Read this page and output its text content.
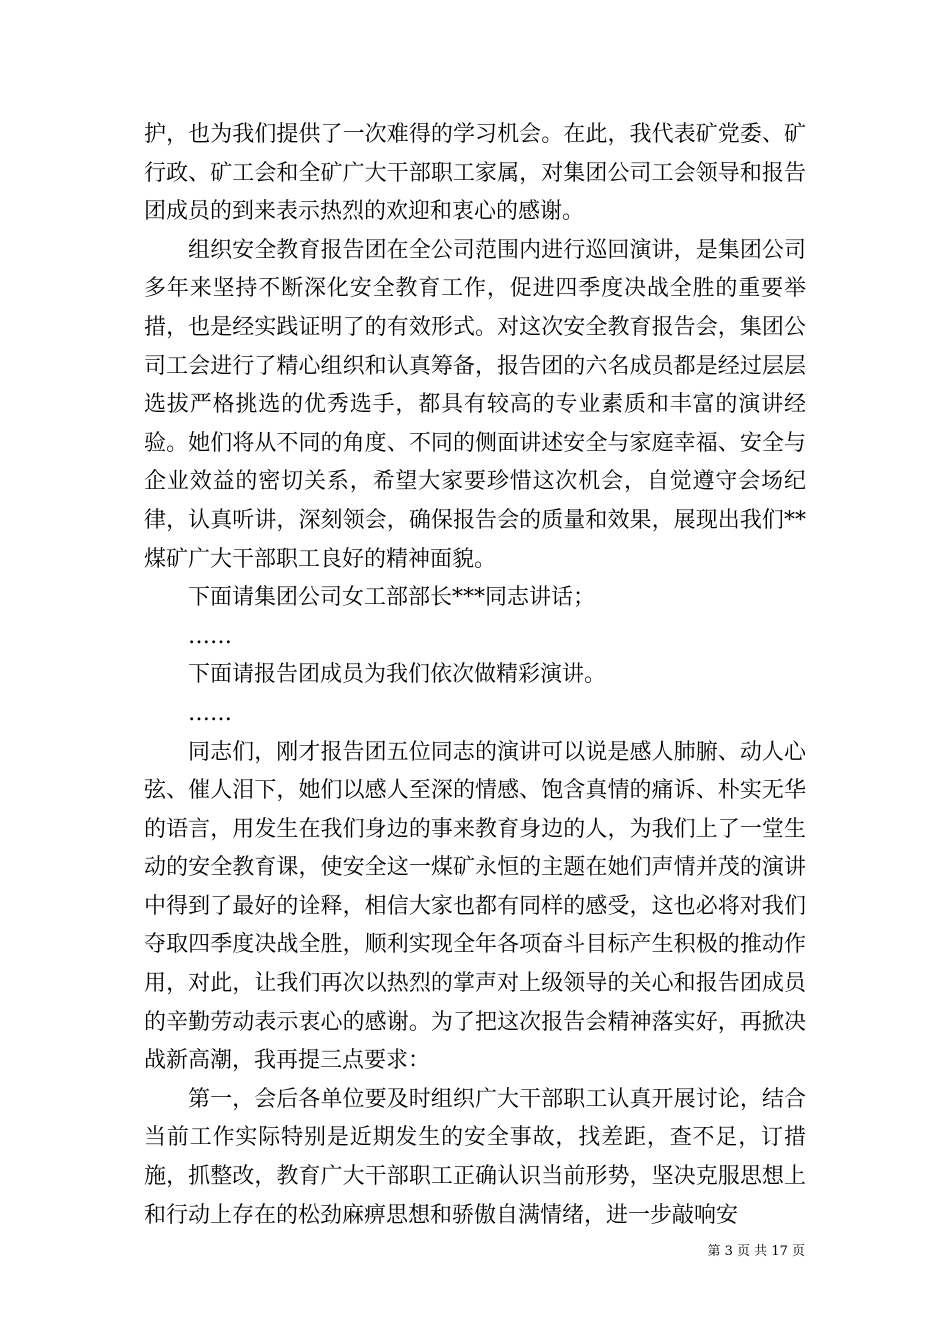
护，也为我们提供了一次难得的学习机会。在此，我代表矿党委、矿行政、矿工会和全矿广大干部职工家属，对集团公司工会领导和报告团成员的到来表示热烈的欢迎和衷心的感谢。

组织安全教育报告团在全公司范围内进行巡回演讲，是集团公司多年来坚持不断深化安全教育工作，促进四季度决战全胜的重要举措，也是经实践证明了的有效形式。对这次安全教育报告会，集团公司工会进行了精心组织和认真筹备，报告团的六名成员都是经过层层选拔严格挑选的优秀选手，都具有较高的专业素质和丰富的演讲经验。她们将从不同的角度、不同的侧面讲述安全与家庭幸福、安全与企业效益的密切关系，希望大家要珍惜这次机会，自觉遵守会场纪律，认真听讲，深刻领会，确保报告会的质量和效果，展现出我们**煤矿广大干部职工良好的精神面貌。

下面请集团公司女工部部长***同志讲话；

……

下面请报告团成员为我们依次做精彩演讲。

……

同志们，刚才报告团五位同志的演讲可以说是感人肺腑、动人心弦、催人泪下，她们以感人至深的情感、饱含真情的痛诉、朴实无华的语言，用发生在我们身边的事来教育身边的人，为我们上了一堂生动的安全教育课，使安全这一煤矿永恒的主题在她们声情并茂的演讲中得到了最好的诠释，相信大家也都有同样的感受，这也必将对我们夺取四季度决战全胜，顺利实现全年各项奋斗目标产生积极的推动作用，对此，让我们再次以热烈的掌声对上级领导的关心和报告团成员的辛勤劳动表示衷心的感谢。为了把这次报告会精神落实好，再掀决战新高潮，我再提三点要求：

第一，会后各单位要及时组织广大干部职工认真开展讨论，结合当前工作实际特别是近期发生的安全事故，找差距，查不足，订措施，抓整改，教育广大干部职工正确认识当前形势，坚决克服思想上和行动上存在的松劲麻痹思想和骄傲自满情绪，进一步敲响安

第 3 页 共 17 页
